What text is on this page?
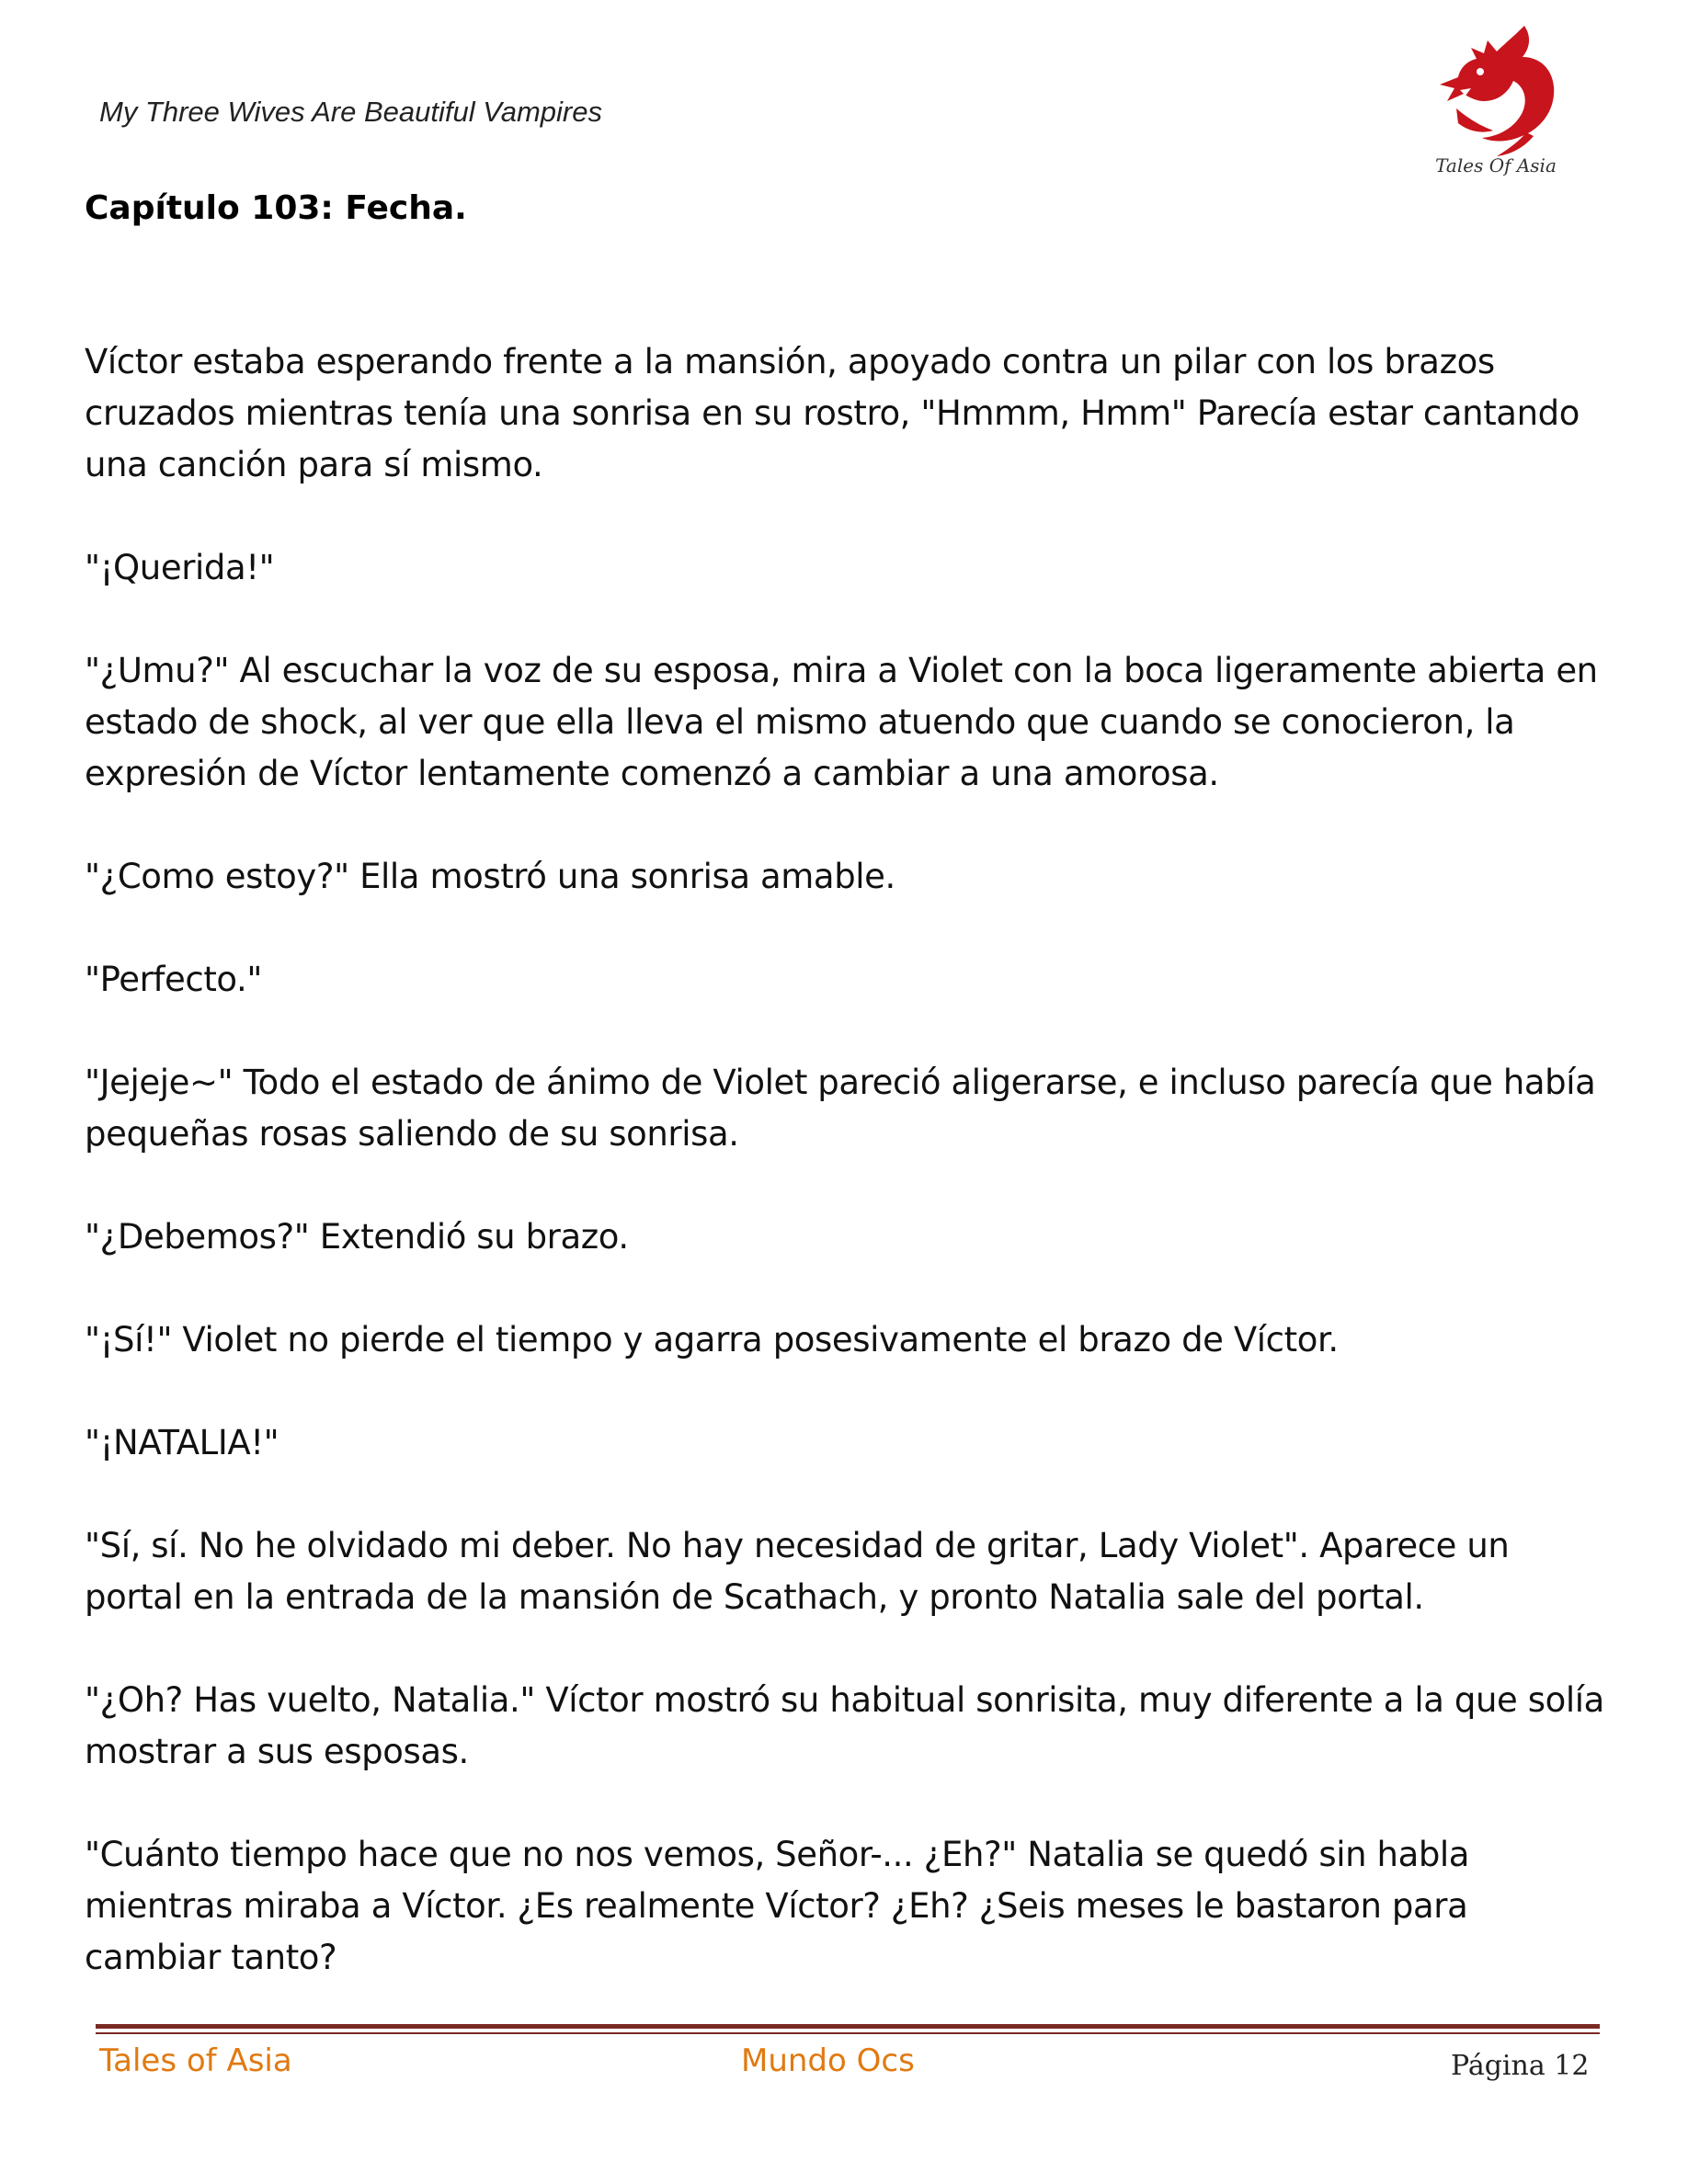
My Three Wives Are Beautiful Vampires
Tales Of Asia
Capítulo 103: Fecha.

Víctor estaba esperando frente a la mansión, apoyado contra un pilar con los brazos cruzados mientras tenía una sonrisa en su rostro, "Hmmm, Hmm" Parecía estar cantando una canción para sí mismo.

"¡Querida!"

"¿Umu?" Al escuchar la voz de su esposa, mira a Violet con la boca ligeramente abierta en estado de shock, al ver que ella lleva el mismo atuendo que cuando se conocieron, la expresión de Víctor lentamente comenzó a cambiar a una amorosa.

"¿Como estoy?" Ella mostró una sonrisa amable.

"Perfecto."

"Jejeje~" Todo el estado de ánimo de Violet pareció aligerarse, e incluso parecía que había pequeñas rosas saliendo de su sonrisa.

"¿Debemos?" Extendió su brazo.

"¡Sí!" Violet no pierde el tiempo y agarra posesivamente el brazo de Víctor.

"¡NATALIA!"

"Sí, sí. No he olvidado mi deber. No hay necesidad de gritar, Lady Violet". Aparece un portal en la entrada de la mansión de Scathach, y pronto Natalia sale del portal.

"¿Oh? Has vuelto, Natalia." Víctor mostró su habitual sonrisita, muy diferente a la que solía mostrar a sus esposas.

"Cuánto tiempo hace que no nos vemos, Señor-... ¿Eh?" Natalia se quedó sin habla mientras miraba a Víctor. ¿Es realmente Víctor? ¿Eh? ¿Seis meses le bastaron para cambiar tanto?

Tales of Asia	Mundo Ocs	Página 12
